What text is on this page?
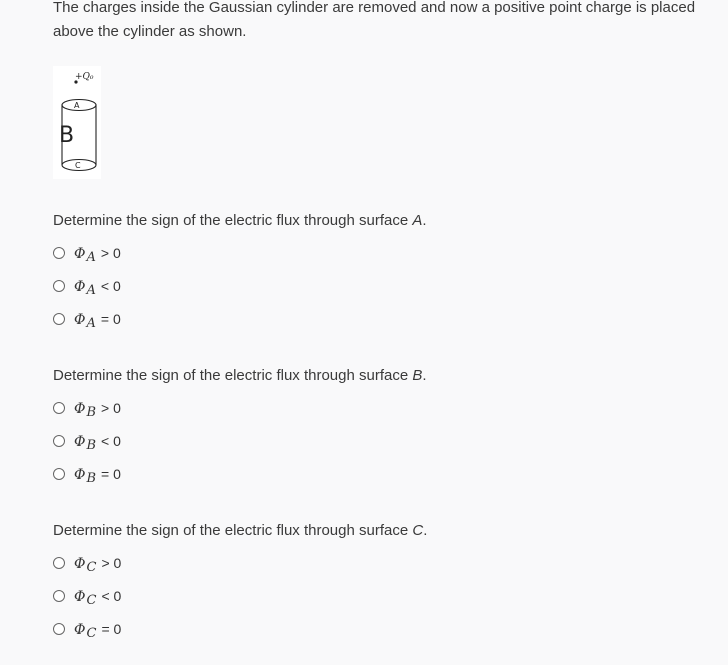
The charges inside the Gaussian cylinder are removed and now a positive point charge is placed above the cylinder as shown.
+Q₀
A
B
C
Determine the sign of the electric flux through surface A.
Φ A > 0
Φ A < 0
Φ A = 0
Determine the sign of the electric flux through surface B.
Φ B > 0
Φ B < 0
Φ B = 0
Determine the sign of the electric flux through surface C.
Φ C > 0
Φ C < 0
Φ C = 0
